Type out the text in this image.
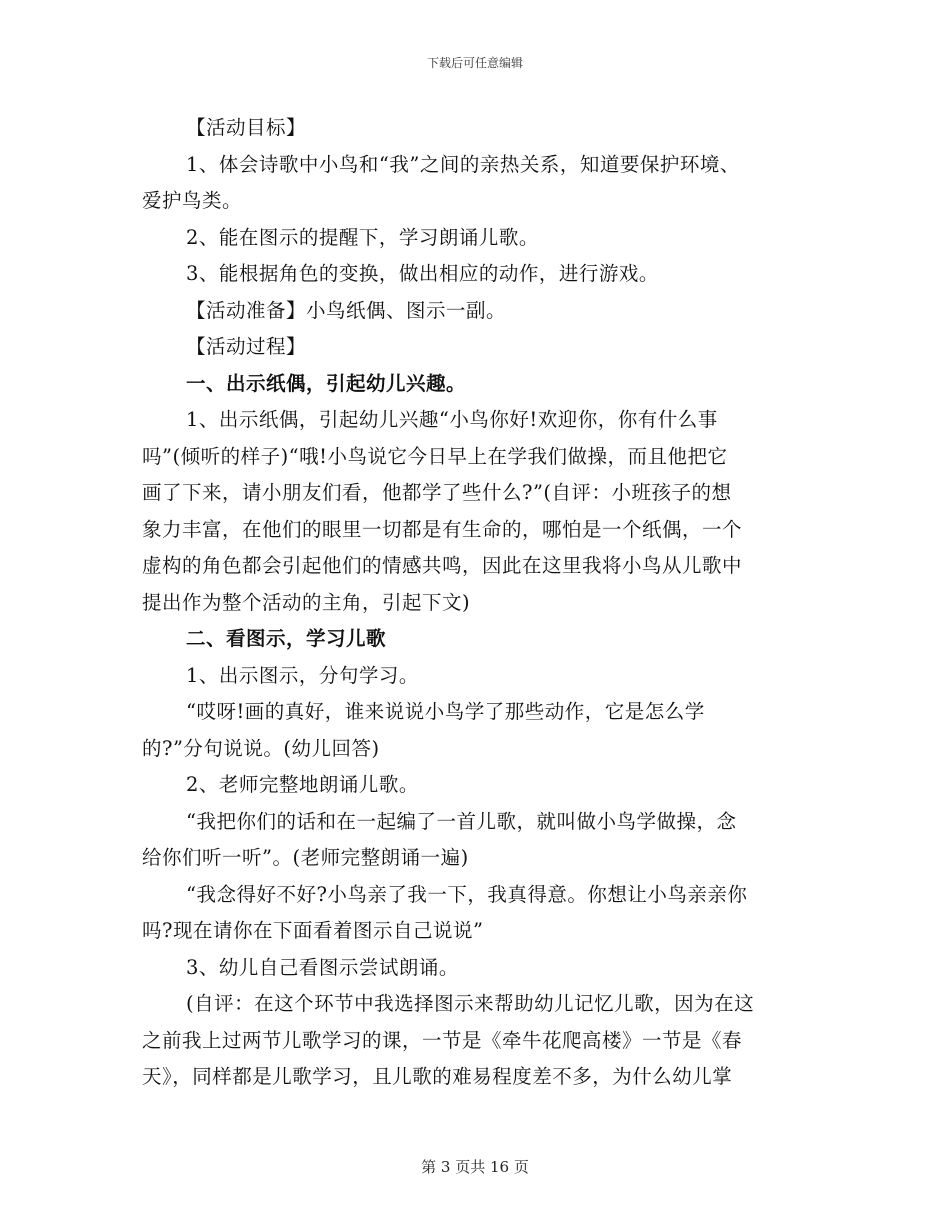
下载后可任意编辑
【活动目标】
1、体会诗歌中小鸟和“我”之间的亲热关系，知道要保护环境、
爱护鸟类。
2、能在图示的提醒下，学习朗诵儿歌。
3、能根据角色的变换，做出相应的动作，进行游戏。
【活动准备】小鸟纸偶、图示一副。
【活动过程】
一、出示纸偶，引起幼儿兴趣。
1、出示纸偶，引起幼儿兴趣“小鸟你好!欢迎你，你有什么事
吗”(倾听的样子)“哦!小鸟说它今日早上在学我们做操，而且他把它
画了下来，请小朋友们看，他都学了些什么?”(自评：小班孩子的想
象力丰富，在他们的眼里一切都是有生命的，哪怕是一个纸偶，一个
虚构的角色都会引起他们的情感共鸣，因此在这里我将小鸟从儿歌中
提出作为整个活动的主角，引起下文)
二、看图示，学习儿歌
1、出示图示，分句学习。
“哎呀!画的真好，谁来说说小鸟学了那些动作，它是怎么学
的?”分句说说。(幼儿回答)
2、老师完整地朗诵儿歌。
“我把你们的话和在一起编了一首儿歌，就叫做小鸟学做操，念
给你们听一听”。(老师完整朗诵一遍)
“我念得好不好?小鸟亲了我一下，我真得意。你想让小鸟亲亲你
吗?现在请你在下面看着图示自己说说”
3、幼儿自己看图示尝试朗诵。
(自评：在这个环节中我选择图示来帮助幼儿记忆儿歌，因为在这
之前我上过两节儿歌学习的课，一节是《牵牛花爬高楼》一节是《春
天》，同样都是儿歌学习，且儿歌的难易程度差不多，为什么幼儿掌
第 3 页共 16 页
